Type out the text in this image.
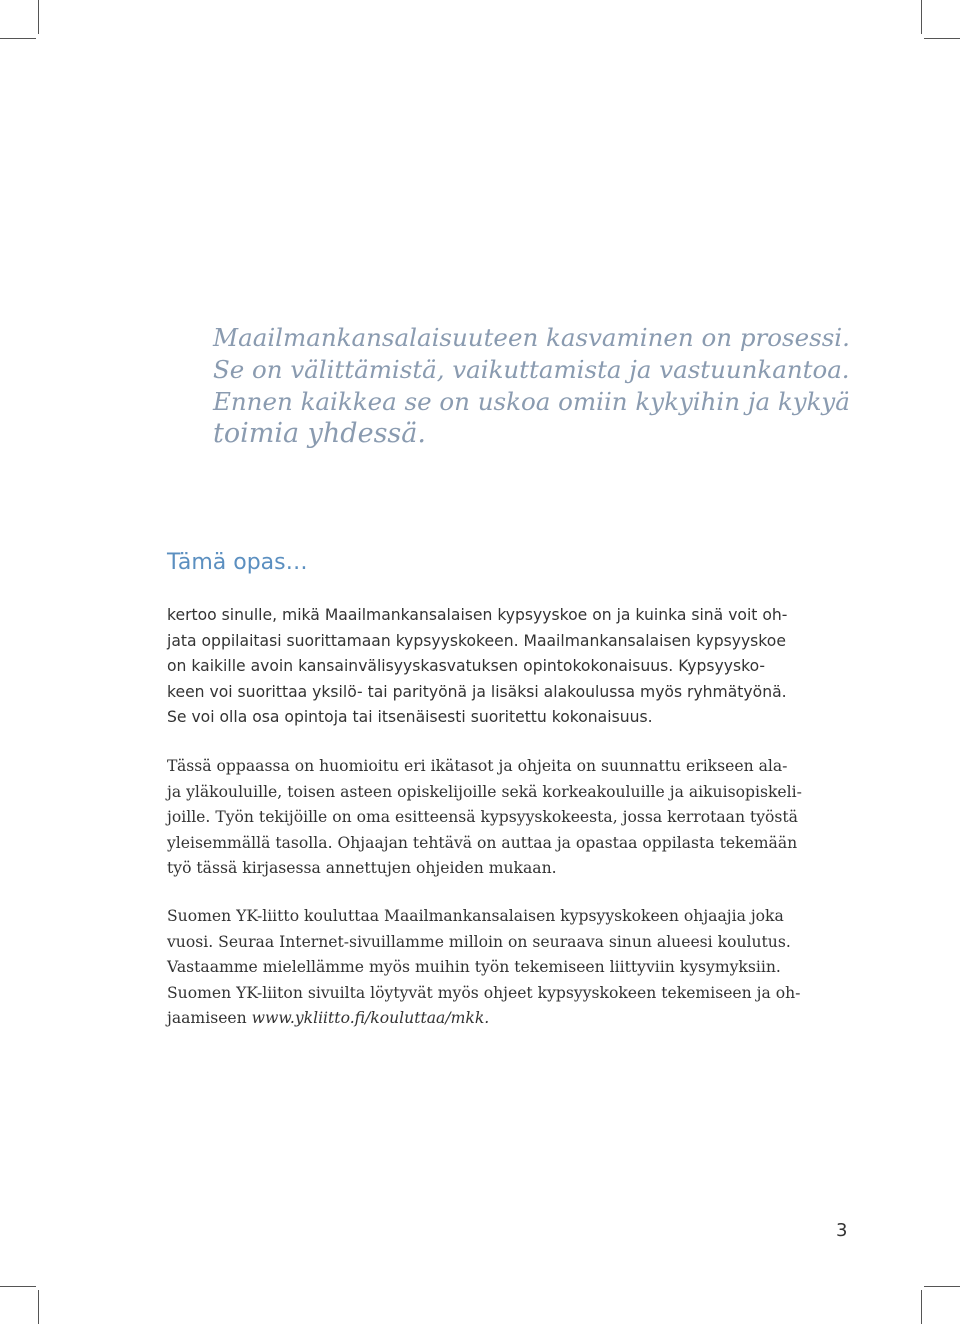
Maailmankansalaisuuteen kasvaminen on prosessi.
Se on välittämistä, vaikuttamista ja vastuunkantoa.
Ennen kaikkea se on uskoa omiin kykyihin ja kykyä
toimia yhdessä.
Tämä opas…
kertoo sinulle, mikä Maailmankansalaisen kypsyyskoe on ja kuinka sinä voit oh-
jata oppilaitasi suorittamaan kypsyyskokeen. Maailmankansalaisen kypsyyskoe
on kaikille avoin kansainvälisyyskasvatuksen opintokokonaisuus. Kypsyysko-
keen voi suorittaa yksilö- tai parityönä ja lisäksi alakoulussa myös ryhmätyönä.
Se voi olla osa opintoja tai itsenäisesti suoritettu kokonaisuus.
Tässä oppaassa on huomioitu eri ikätasot ja ohjeita on suunnattu erikseen ala-
ja yläkouluille, toisen asteen opiskelijoille sekä korkeakouluille ja aikuisopiskeli-
joille. Työn tekijöille on oma esitteensä kypsyyskokeesta, jossa kerrotaan työstä
yleisemmällä tasolla. Ohjaajan tehtävä on auttaa ja opastaa oppilasta tekemään
työ tässä kirjasessa annettujen ohjeiden mukaan.
Suomen YK-liitto kouluttaa Maailmankansalaisen kypsyyskokeen ohjaajia joka
vuosi. Seuraa Internet-sivuillamme milloin on seuraava sinun alueesi koulutus.
Vastaamme mielellämme myös muihin työn tekemiseen liittyviin kysymyksiin.
Suomen YK-liiton sivuilta löytyvät myös ohjeet kypsyyskokeen tekemiseen ja oh-
jaamiseen www.ykliitto.fi/kouluttaa/mkk.
3
